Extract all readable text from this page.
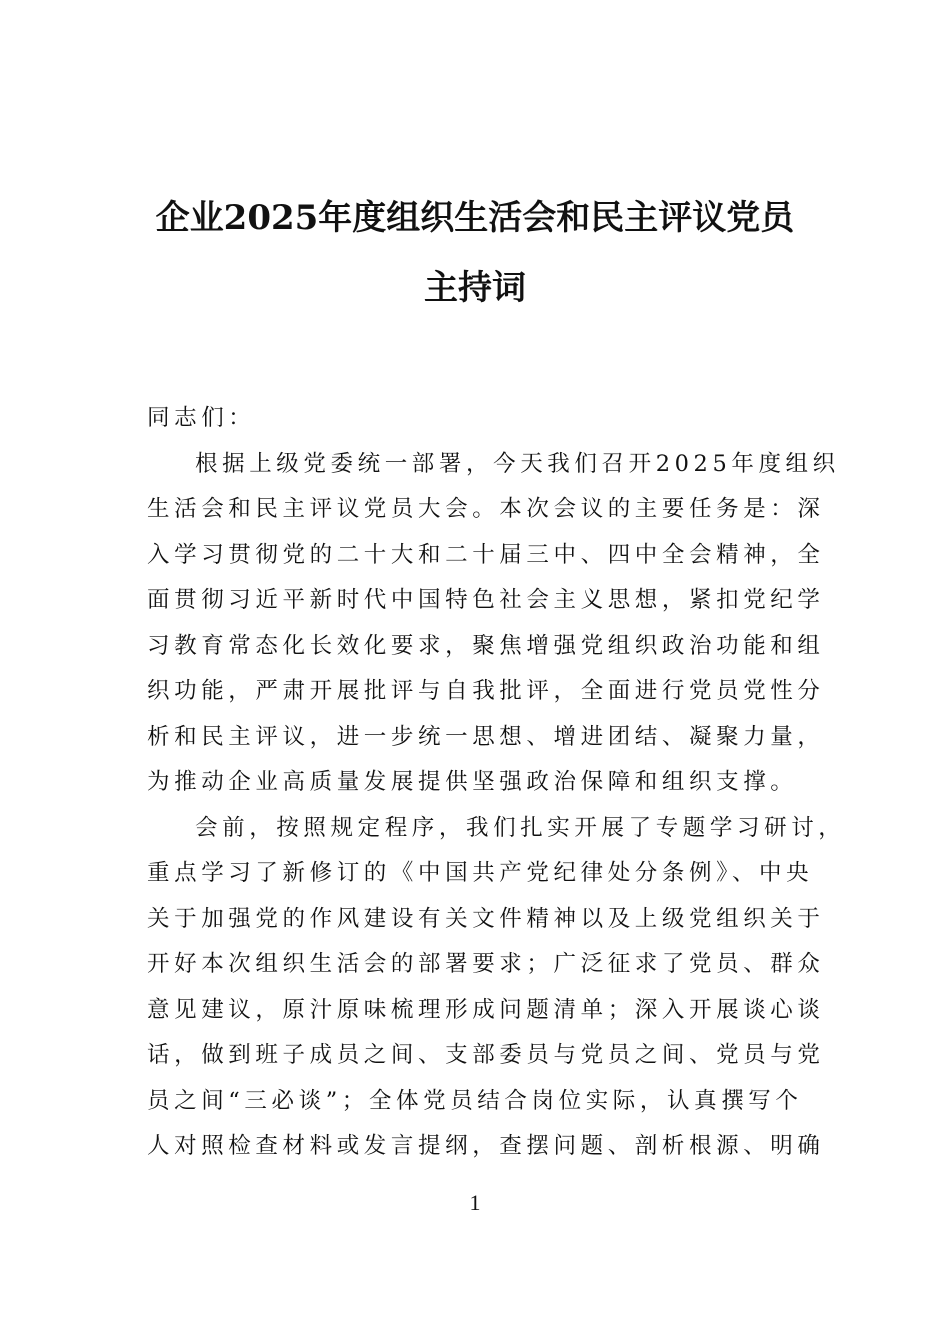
企业2025年度组织生活会和民主评议党员
主持词

同志们：

根据上级党委统一部署，今天我们召开2025年度组织

生活会和民主评议党员大会。本次会议的主要任务是：深

入学习贯彻党的二十大和二十届三中、四中全会精神，全

面贯彻习近平新时代中国特色社会主义思想，紧扣党纪学

习教育常态化长效化要求，聚焦增强党组织政治功能和组

织功能，严肃开展批评与自我批评，全面进行党员党性分

析和民主评议，进一步统一思想、增进团结、凝聚力量，

为推动企业高质量发展提供坚强政治保障和组织支撑。

会前，按照规定程序，我们扎实开展了专题学习研讨，

重点学习了新修订的《中国共产党纪律处分条例》、中央

关于加强党的作风建设有关文件精神以及上级党组织关于

开好本次组织生活会的部署要求；广泛征求了党员、群众

意见建议，原汁原味梳理形成问题清单；深入开展谈心谈

话，做到班子成员之间、支部委员与党员之间、党员与党

员之间“三必谈”；全体党员结合岗位实际，认真撰写个

人对照检查材料或发言提纲，查摆问题、剖析根源、明确

1
